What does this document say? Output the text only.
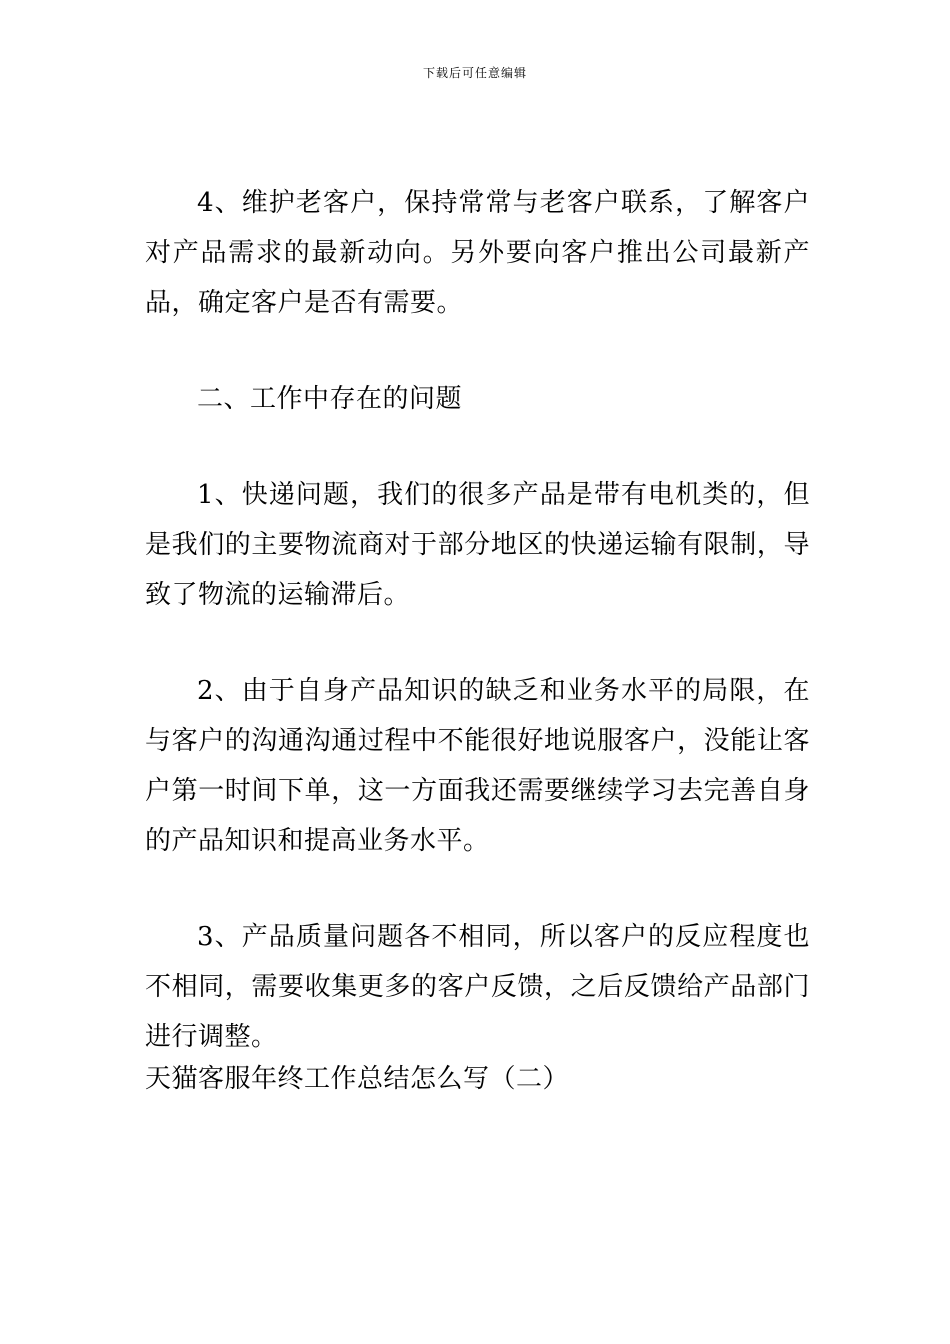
下载后可任意编辑

4、维护老客户，保持常常与老客户联系，了解客户对产品需求的最新动向。另外要向客户推出公司最新产品，确定客户是否有需要。

二、工作中存在的问题

1、快递问题，我们的很多产品是带有电机类的，但是我们的主要物流商对于部分地区的快递运输有限制，导致了物流的运输滞后。

2、由于自身产品知识的缺乏和业务水平的局限，在与客户的沟通沟通过程中不能很好地说服客户，没能让客户第一时间下单，这一方面我还需要继续学习去完善自身的产品知识和提高业务水平。

3、产品质量问题各不相同，所以客户的反应程度也不相同，需要收集更多的客户反馈，之后反馈给产品部门进行调整。

天猫客服年终工作总结怎么写（二）
